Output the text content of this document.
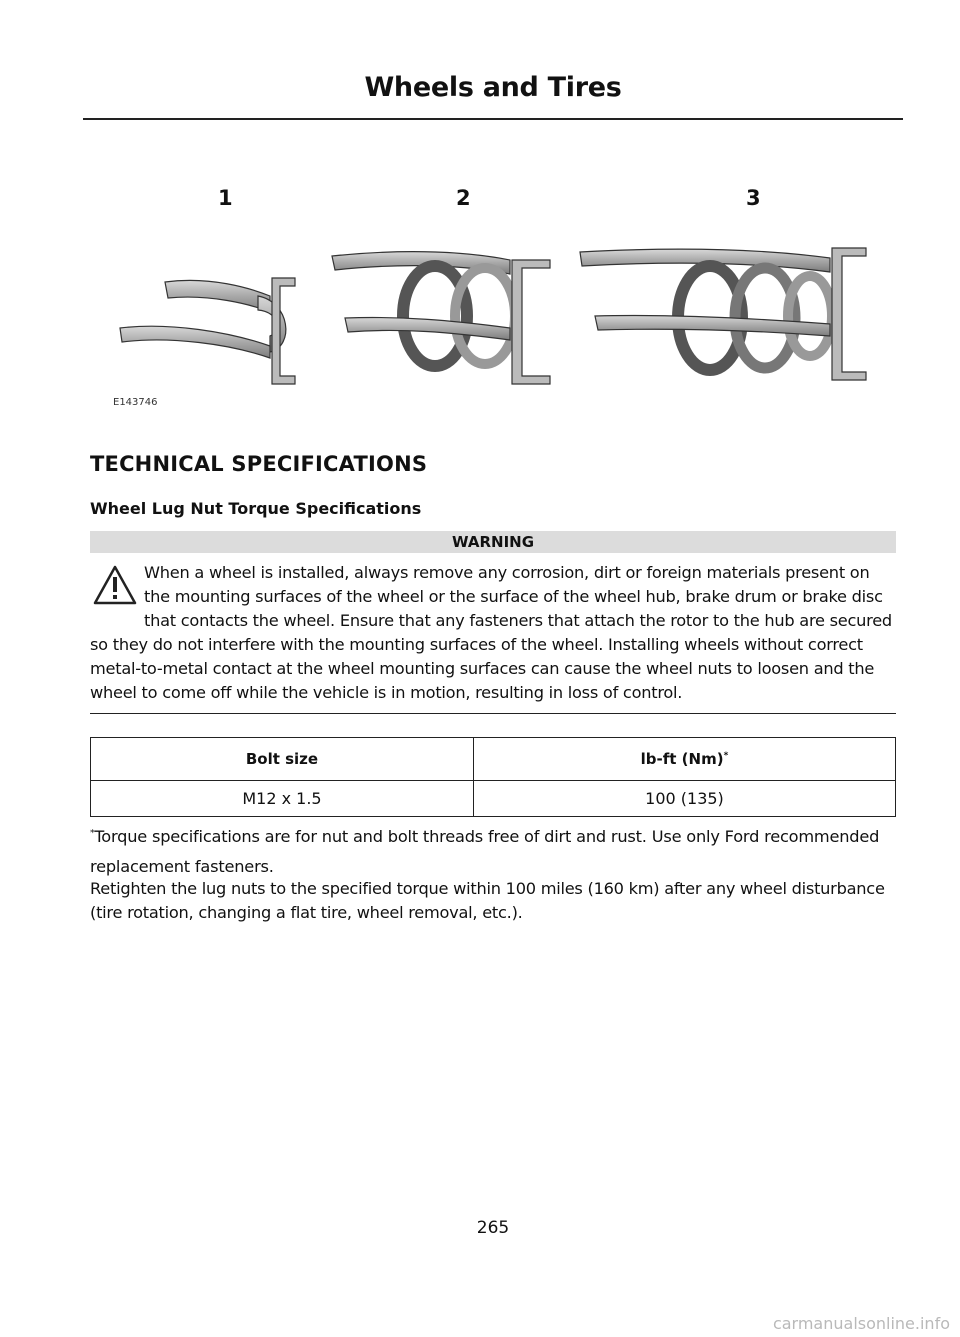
Wheels and Tires
1	2	3
E143746
TECHNICAL SPECIFICATIONS
Wheel Lug Nut Torque Specifications
WARNING
When a wheel is installed, always remove any corrosion, dirt or foreign materials present on the mounting surfaces of the wheel or the surface of the wheel hub, brake drum or brake disc that contacts the wheel. Ensure that any fasteners that attach the rotor to the hub are secured so they do not interfere with the mounting surfaces of the wheel. Installing wheels without correct metal-to-metal contact at the wheel mounting surfaces can cause the wheel nuts to loosen and the wheel to come off while the vehicle is in motion, resulting in loss of control.
Bolt size	lb-ft (Nm)*
M12 x 1.5	100 (135)
*Torque specifications are for nut and bolt threads free of dirt and rust. Use only Ford recommended replacement fasteners.
Retighten the lug nuts to the specified torque within 100 miles (160 km) after any wheel disturbance (tire rotation, changing a flat tire, wheel removal, etc.).
265
carmanualsonline.info
